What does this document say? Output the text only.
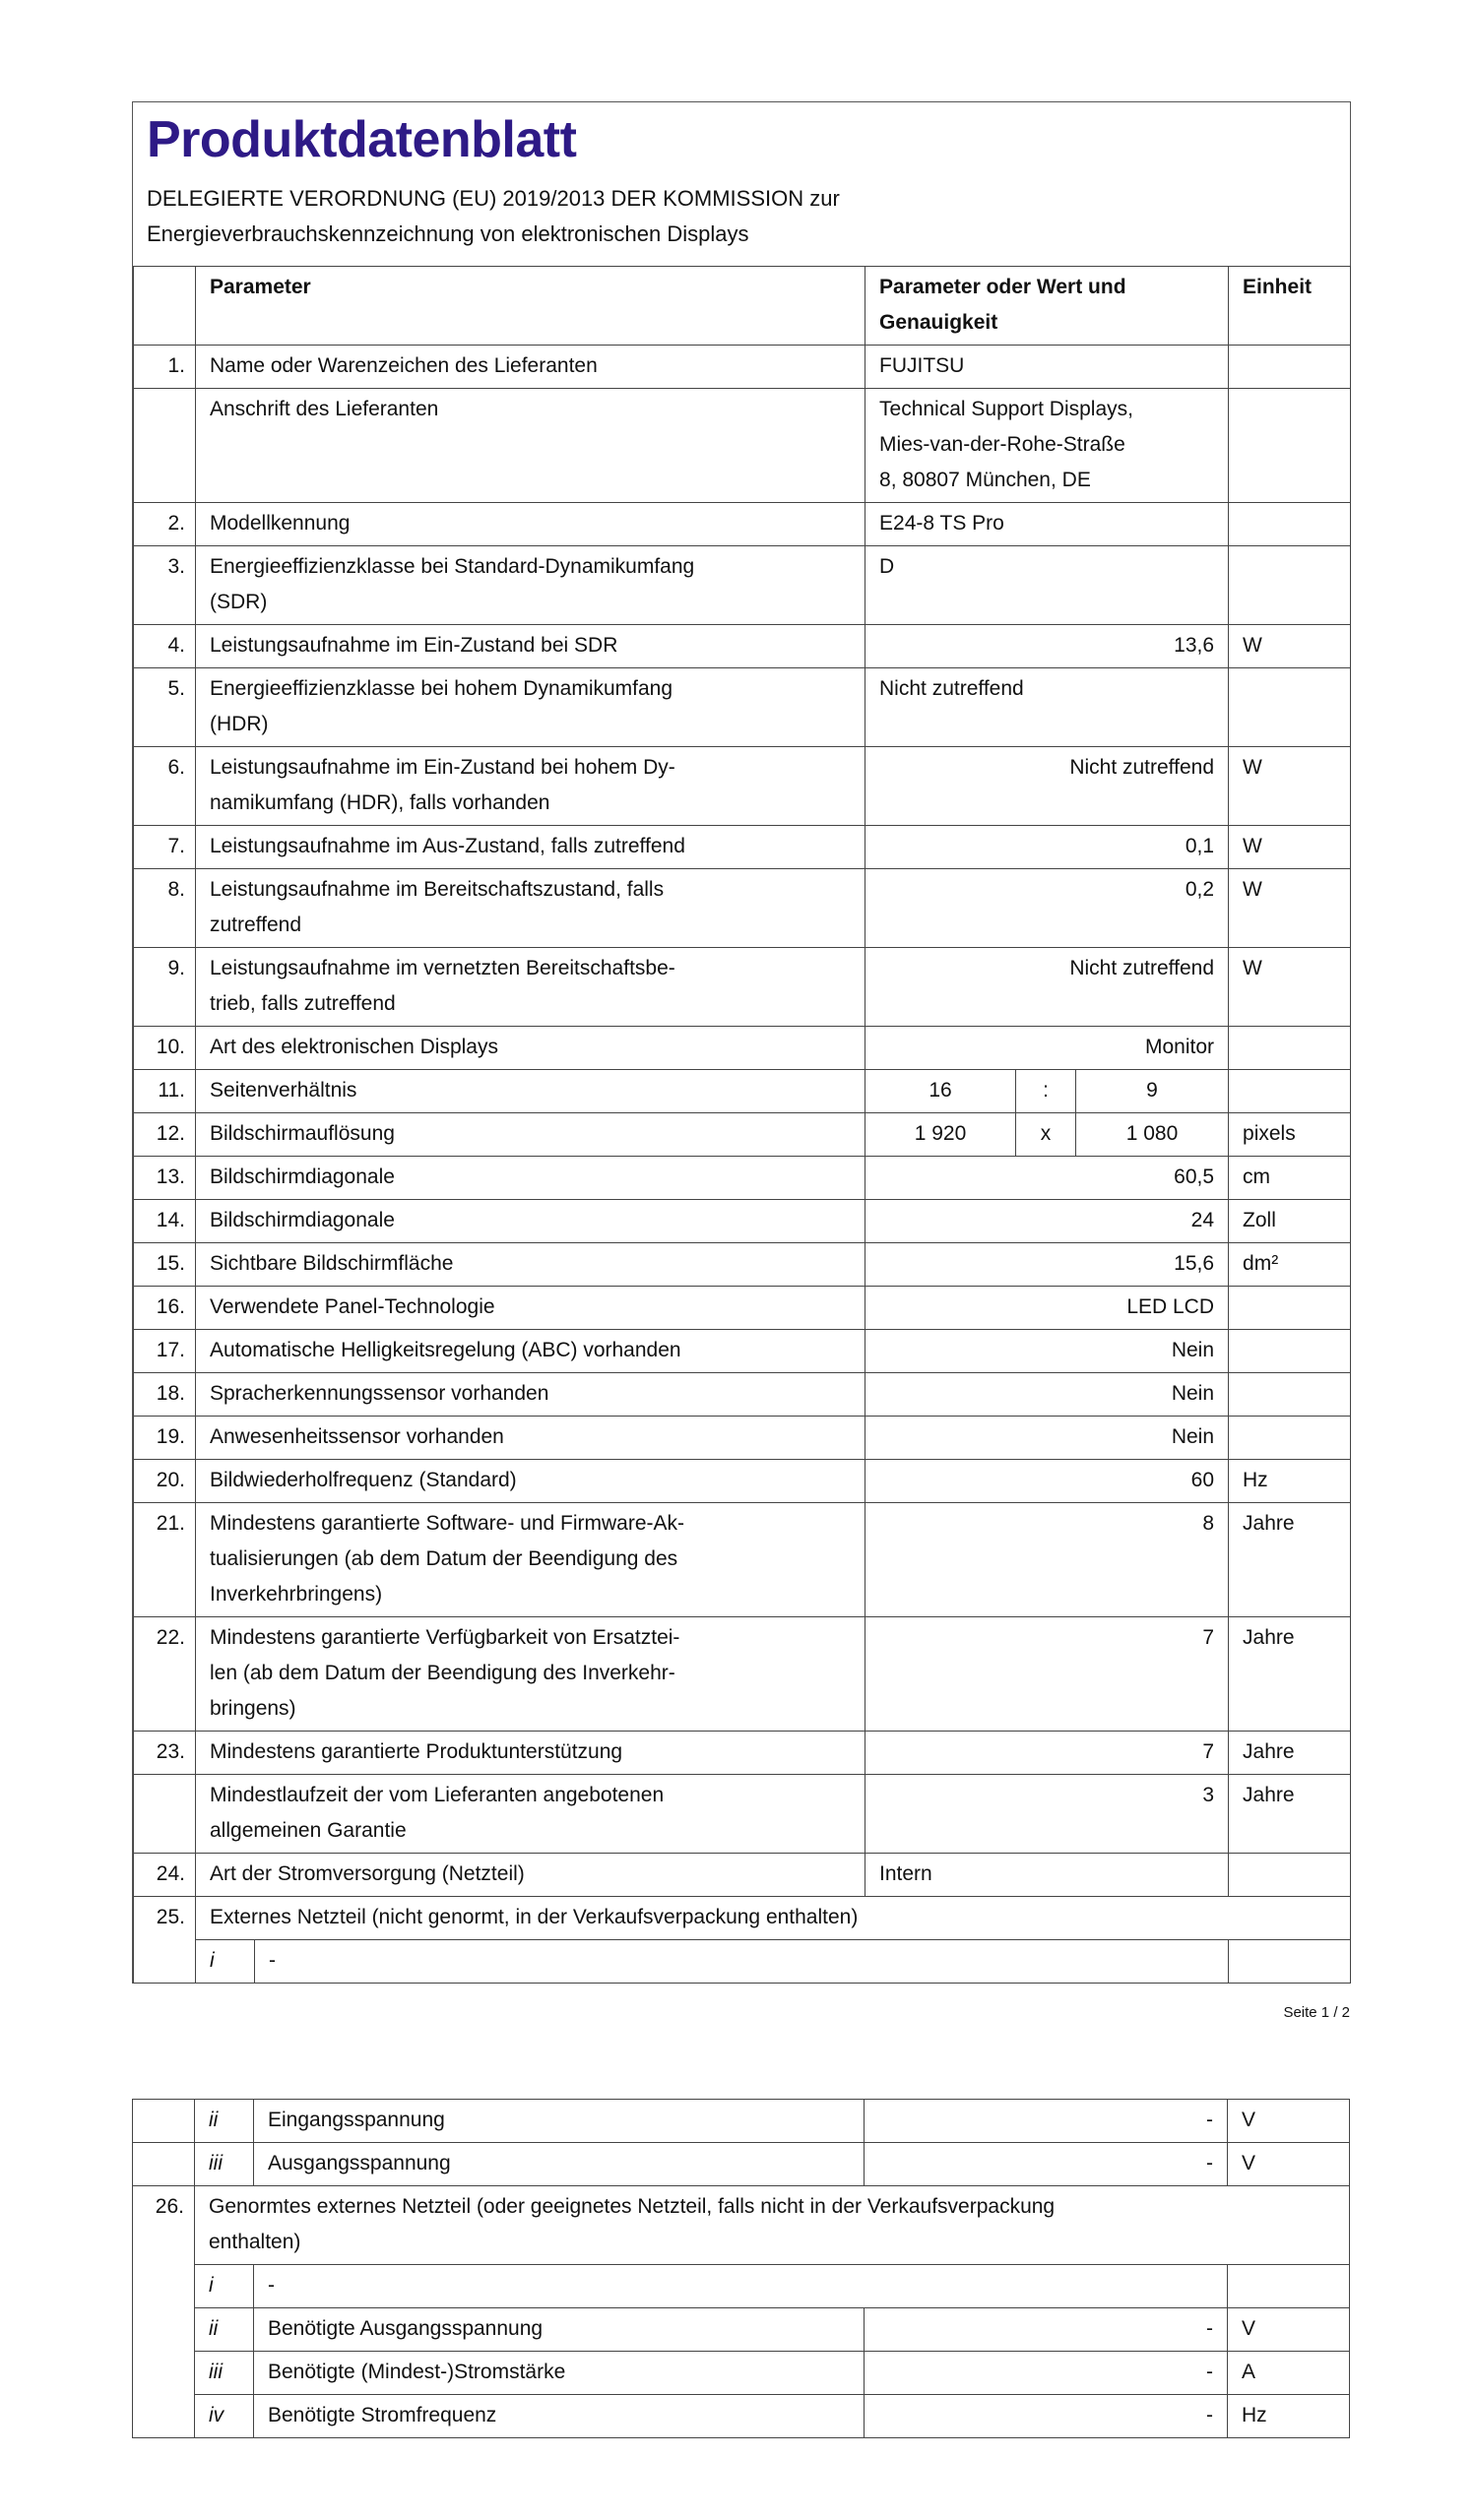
Produktdatenblatt
DELEGIERTE VERORDNUNG (EU) 2019/2013 DER KOMMISSION zur
Energieverbrauchskennzeichnung von elektronischen Displays
	Parameter		Parameter oder Wert und
Genauigkeit			Einheit
1.	Name oder Warenzeichen des Lieferanten		FUJITSU			
	Anschrift des Lieferanten		Technical Support Displays,
Mies-van-der-Rohe-Straße
8, 80807 München, DE			
2.	Modellkennung		E24-8 TS Pro			
3.	Energieeffizienzklasse bei Standard-Dynamikumfang
(SDR)		D			
4.	Leistungsaufnahme im Ein-Zustand bei SDR		13,6			W
5.	Energieeffizienzklasse bei hohem Dynamikumfang
(HDR)		Nicht zutreffend			
6.	Leistungsaufnahme im Ein-Zustand bei hohem Dy-
namikumfang (HDR), falls vorhanden		Nicht zutreffend			W
7.	Leistungsaufnahme im Aus-Zustand, falls zutreffend		0,1			W
8.	Leistungsaufnahme im Bereitschaftszustand, falls
zutreffend		0,2			W
9.	Leistungsaufnahme im vernetzten Bereitschaftsbe-
trieb, falls zutreffend		Nicht zutreffend			W
10.	Art des elektronischen Displays		Monitor			
11.	Seitenverhältnis		16	:	9	
12.	Bildschirmauflösung		1 920	x	1 080	pixels
13.	Bildschirmdiagonale		60,5			cm
14.	Bildschirmdiagonale		24			Zoll
15.	Sichtbare Bildschirmfläche		15,6			dm²
16.	Verwendete Panel-Technologie		LED LCD			
17.	Automatische Helligkeitsregelung (ABC) vorhanden		Nein			
18.	Spracherkennungssensor vorhanden		Nein			
19.	Anwesenheitssensor vorhanden		Nein			
20.	Bildwiederholfrequenz (Standard)		60			Hz
21.	Mindestens garantierte Software- und Firmware-Ak-
tualisierungen (ab dem Datum der Beendigung des
Inverkehrbringens)		8			Jahre
22.	Mindestens garantierte Verfügbarkeit von Ersatztei-
len (ab dem Datum der Beendigung des Inverkehr-
bringens)		7			Jahre
23.	Mindestens garantierte Produktunterstützung		7			Jahre
	Mindestlaufzeit der vom Lieferanten angebotenen
allgemeinen Garantie		3			Jahre
24.	Art der Stromversorgung (Netzteil)		Intern			
25.	Externes Netzteil (nicht genormt, in der Verkaufsverpackung enthalten)					
	i	-				
Seite 1 / 2
	ii	Eingangsspannung	-	V
	iii	Ausgangsspannung	-	V
26.	Genormtes externes Netzteil (oder geeignetes Netzteil, falls nicht in der Verkaufsverpackung
enthalten)			
	i	-		
	ii	Benötigte Ausgangsspannung	-	V
	iii	Benötigte (Mindest-)Stromstärke	-	A
	iv	Benötigte Stromfrequenz	-	Hz
